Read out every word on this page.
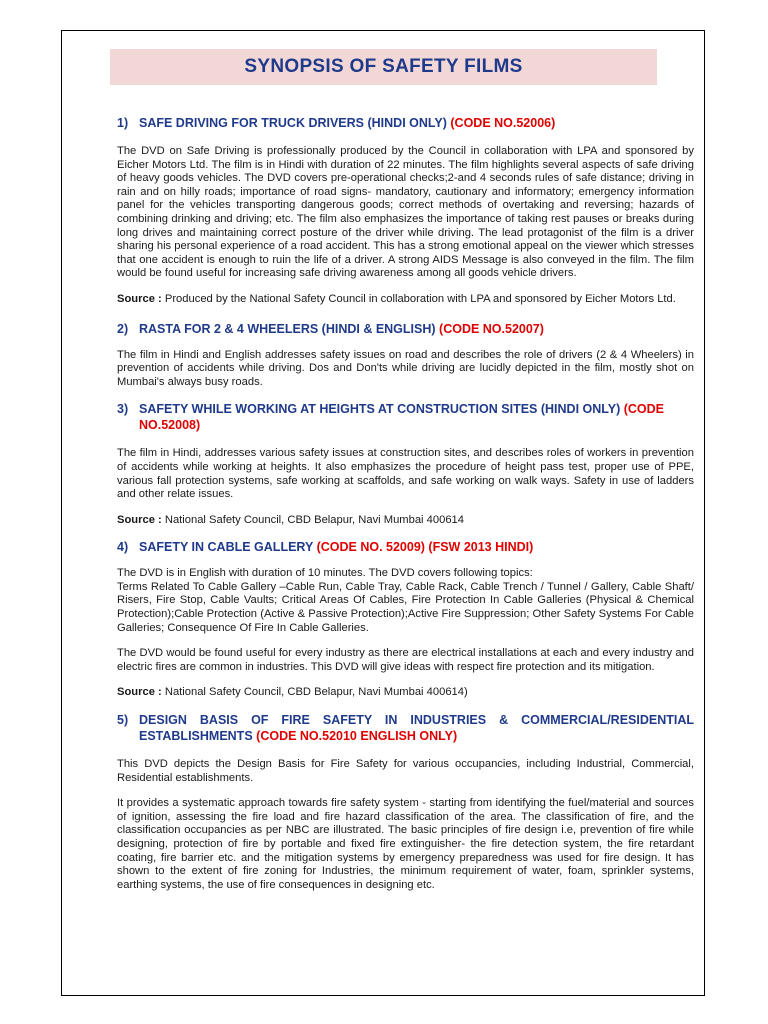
SYNOPSIS OF SAFETY FILMS
1) SAFE DRIVING FOR TRUCK DRIVERS (HINDI ONLY) (CODE NO.52006)

The DVD on Safe Driving is professionally produced by the Council in collaboration with LPA and sponsored by Eicher Motors Ltd. The film is in Hindi with duration of 22 minutes. The film highlights several aspects of safe driving of heavy goods vehicles. The DVD covers pre-operational checks;2-and 4 seconds rules of safe distance; driving in rain and on hilly roads; importance of road signs- mandatory, cautionary and informatory; emergency information panel for the vehicles transporting dangerous goods; correct methods of overtaking and reversing; hazards of combining drinking and driving; etc. The film also emphasizes the importance of taking rest pauses or breaks during long drives and maintaining correct posture of the driver while driving. The lead protagonist of the film is a driver sharing his personal experience of a road accident. This has a strong emotional appeal on the viewer which stresses that one accident is enough to ruin the life of a driver. A strong AIDS Message is also conveyed in the film. The film would be found useful for increasing safe driving awareness among all goods vehicle drivers.

Source : Produced by the National Safety Council in collaboration with LPA and sponsored by Eicher Motors Ltd.

2) RASTA FOR 2 & 4 WHEELERS (HINDI & ENGLISH) (CODE NO.52007)

The film in Hindi and English addresses safety issues on road and describes the role of drivers (2 & 4 Wheelers) in prevention of accidents while driving. Dos and Don'ts while driving are lucidly depicted in the film, mostly shot on Mumbai's always busy roads.

3) SAFETY WHILE WORKING AT HEIGHTS AT CONSTRUCTION SITES (HINDI ONLY) (CODE NO.52008)

The film in Hindi, addresses various safety issues at construction sites, and describes roles of workers in prevention of accidents while working at heights. It also emphasizes the procedure of height pass test, proper use of PPE, various fall protection systems, safe working at scaffolds, and safe working on walk ways. Safety in use of ladders and other relate issues.

Source : National Safety Council, CBD Belapur, Navi Mumbai 400614

4) SAFETY IN CABLE GALLERY (CODE NO. 52009) (FSW 2013 HINDI)

The DVD is in English with duration of 10 minutes. The DVD covers following topics:

Terms Related To Cable Gallery –Cable Run, Cable Tray, Cable Rack, Cable Trench / Tunnel / Gallery, Cable Shaft/ Risers, Fire Stop, Cable Vaults; Critical Areas Of Cables, Fire Protection In Cable Galleries (Physical & Chemical Protection);Cable Protection (Active & Passive Protection);Active Fire Suppression; Other Safety Systems For Cable Galleries; Consequence Of Fire In Cable Galleries.

The DVD would be found useful for every industry as there are electrical installations at each and every industry and electric fires are common in industries. This DVD will give ideas with respect fire protection and its mitigation.

Source : National Safety Council, CBD Belapur, Navi Mumbai 400614)

5) DESIGN BASIS OF FIRE SAFETY IN INDUSTRIES & COMMERCIAL/RESIDENTIAL ESTABLISHMENTS (CODE NO.52010 ENGLISH ONLY)

This DVD depicts the Design Basis for Fire Safety for various occupancies, including Industrial, Commercial, Residential establishments.

It provides a systematic approach towards fire safety system - starting from identifying the fuel/material and sources of ignition, assessing the fire load and fire hazard classification of the area. The classification of fire, and the classification occupancies as per NBC are illustrated. The basic principles of fire design i.e, prevention of fire while designing, protection of fire by portable and fixed fire extinguisher- the fire detection system, the fire retardant coating, fire barrier etc. and the mitigation systems by emergency preparedness was used for fire design. It has shown to the extent of fire zoning for Industries, the minimum requirement of water, foam, sprinkler systems, earthing systems, the use of fire consequences in designing etc.
